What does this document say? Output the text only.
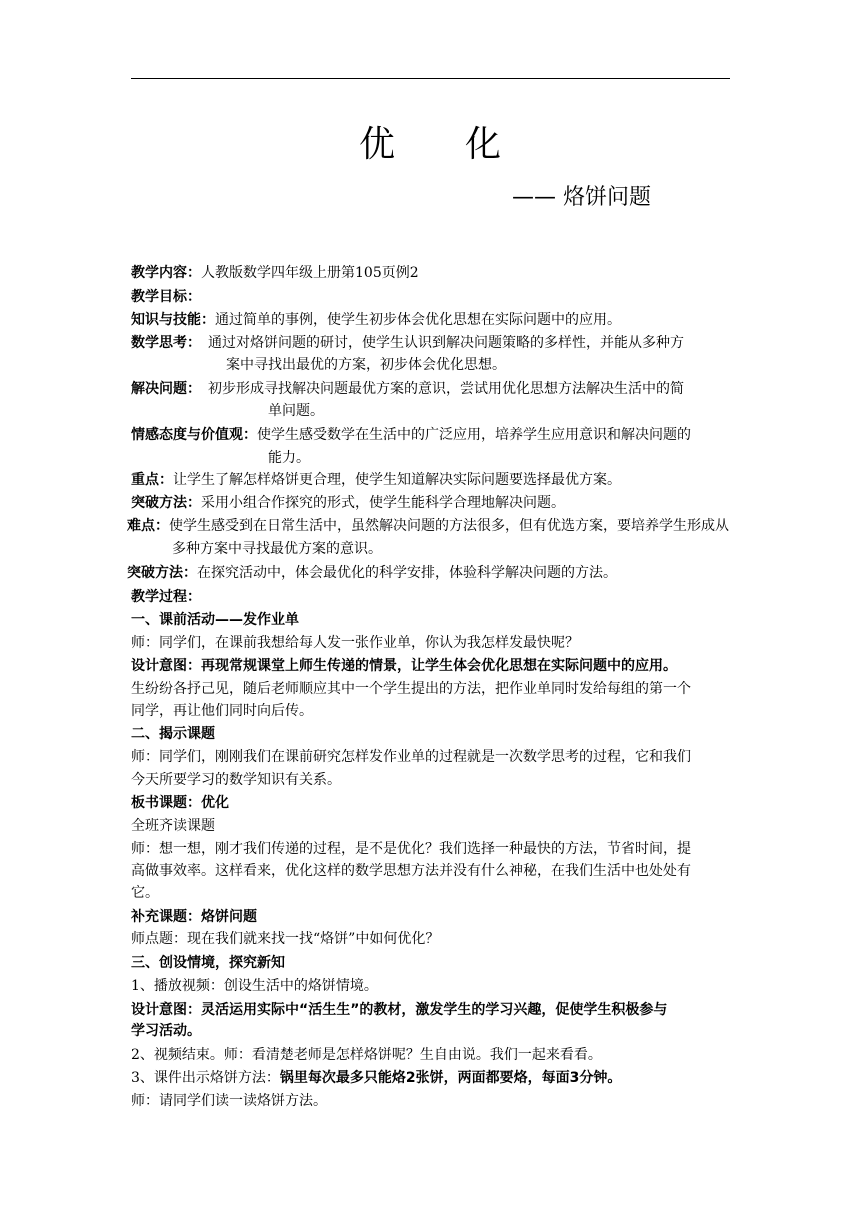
优 化
—— 烙饼问题
教学内容：人教版数学四年级上册第105页例2
教学目标：
知识与技能：通过简单的事例，使学生初步体会优化思想在实际问题中的应用。
数学思考：　通过对烙饼问题的研讨，使学生认识到解决问题策略的多样性，并能从多种方
案中寻找出最优的方案，初步体会优化思想。
解决问题：　初步形成寻找解决问题最优方案的意识，尝试用优化思想方法解决生活中的简
单问题。
情感态度与价值观：使学生感受数学在生活中的广泛应用，培养学生应用意识和解决问题的
能力。
重点：让学生了解怎样烙饼更合理，使学生知道解决实际问题要选择最优方案。
突破方法：采用小组合作探究的形式，使学生能科学合理地解决问题。
难点：使学生感受到在日常生活中，虽然解决问题的方法很多，但有优选方案，要培养学生形成从
多种方案中寻找最优方案的意识。
突破方法：在探究活动中，体会最优化的科学安排，体验科学解决问题的方法。
教学过程：
一、课前活动——发作业单
师：同学们，在课前我想给每人发一张作业单，你认为我怎样发最快呢？
设计意图：再现常规课堂上师生传递的情景，让学生体会优化思想在实际问题中的应用。
生纷纷各抒己见，随后老师顺应其中一个学生提出的方法，把作业单同时发给每组的第一个
同学，再让他们同时向后传。
二、揭示课题
师：同学们，刚刚我们在课前研究怎样发作业单的过程就是一次数学思考的过程，它和我们
今天所要学习的数学知识有关系。
板书课题：优化
全班齐读课题
师：想一想，刚才我们传递的过程，是不是优化？我们选择一种最快的方法，节省时间，提
高做事效率。这样看来，优化这样的数学思想方法并没有什么神秘，在我们生活中也处处有
它。
补充课题：烙饼问题
师点题：现在我们就来找一找“烙饼”中如何优化？
三、创设情境，探究新知
1、播放视频：创设生活中的烙饼情境。
设计意图：灵活运用实际中“活生生”的教材，激发学生的学习兴趣，促使学生积极参与
学习活动。
2、视频结束。师：看清楚老师是怎样烙饼呢？生自由说。我们一起来看看。
3、课件出示烙饼方法：锅里每次最多只能烙2张饼，两面都要烙，每面3分钟。
师：请同学们读一读烙饼方法。
